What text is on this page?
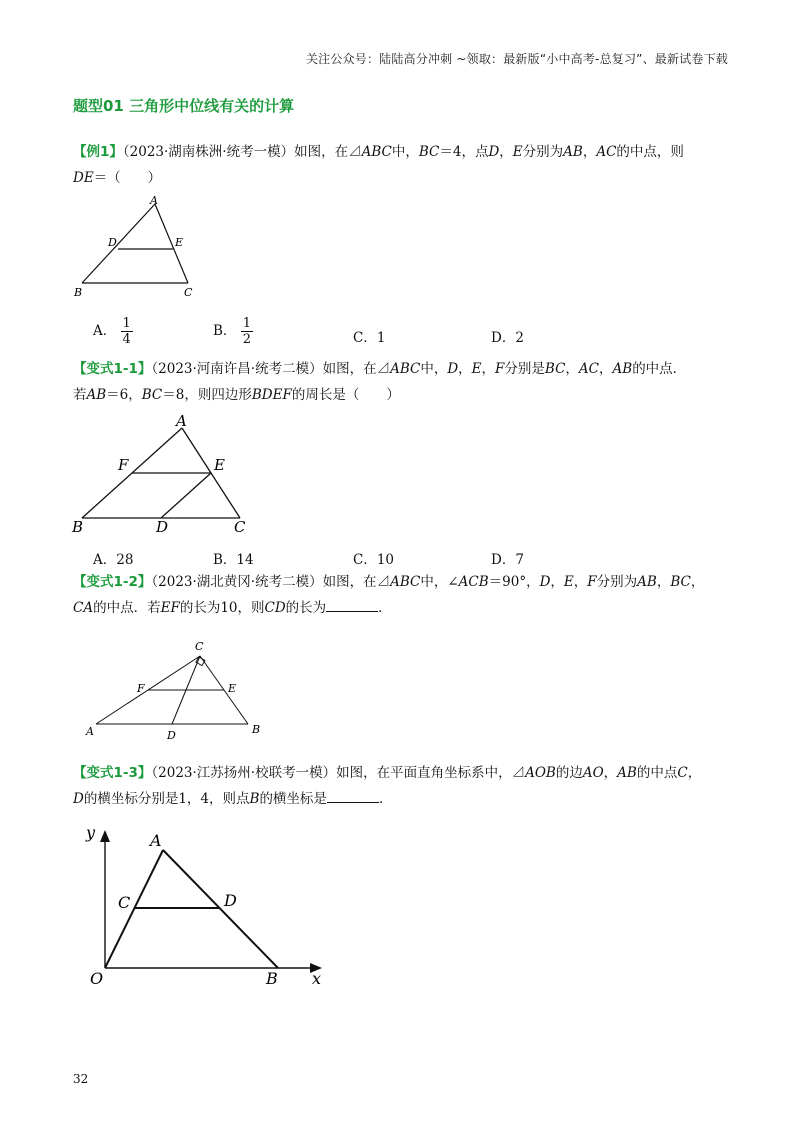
关注公众号：陆陆高分冲刺 ~领取：最新版“小中高考-总复习”、最新试卷下载
题型01 三角形中位线有关的计算
【例1】（2023·湖南株洲·统考一模）如图，在⊿ABC中，BC＝4，点D，E分别为AB，AC的中点，则
DE＝（　　）
A
D	E
B	C
A． $\frac{1}{4}$	B． $\frac{1}{2}$	C．1	D．2
【变式1-1】（2023·河南许昌·统考二模）如图，在⊿ABC中，D，E，F分别是BC，AC，AB的中点．
若AB＝6，BC＝8，则四边形BDEF的周长是（　　）
A
F	E
B	D	C
A．28	B．14	C．10	D．7
【变式1-2】（2023·湖北黄冈·统考二模）如图，在⊿ABC中，∠ACB＝90°，D，E，F分别为AB，BC，
CA的中点．若EF的长为10，则CD的长为	．
C
F	E
A	D	B
【变式1-3】（2023·江苏扬州·校联考一模）如图，在平面直角坐标系中，⊿AOB的边AO，AB的中点C，
D的横坐标分别是1，4，则点B的横坐标是	．
y
x
A
C	D
O	B
32
